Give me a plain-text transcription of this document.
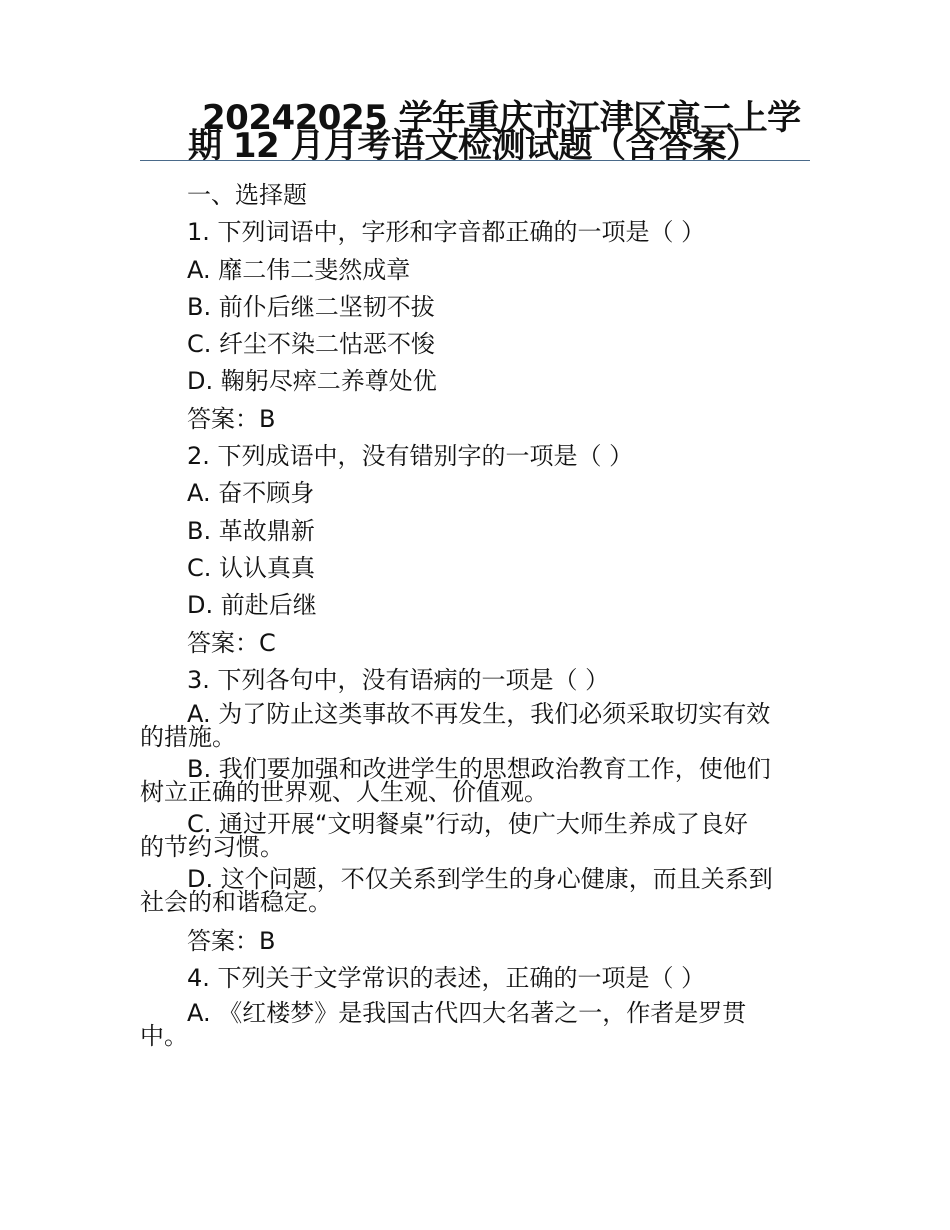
20242025 学年重庆市江津区高二上学
期 12 月月考语文检测试题（含答案）

一、选择题

1. 下列词语中，字形和字音都正确的一项是（ ）

A. 靡二伟二斐然成章

B. 前仆后继二坚韧不拔

C. 纤尘不染二怙恶不悛

D. 鞠躬尽瘁二养尊处优

答案：B

2. 下列成语中，没有错别字的一项是（ ）

A. 奋不顾身

B. 革故鼎新

C. 认认真真

D. 前赴后继

答案：C

3. 下列各句中，没有语病的一项是（ ）

A. 为了防止这类事故不再发生，我们必须采取切实有效
的措施。

B. 我们要加强和改进学生的思想政治教育工作，使他们
树立正确的世界观、人生观、价值观。

C. 通过开展“文明餐桌”行动，使广大师生养成了良好
的节约习惯。

D. 这个问题，不仅关系到学生的身心健康，而且关系到
社会的和谐稳定。

答案：B

4. 下列关于文学常识的表述，正确的一项是（ ）

A. 《红楼梦》是我国古代四大名著之一，作者是罗贯
中。
